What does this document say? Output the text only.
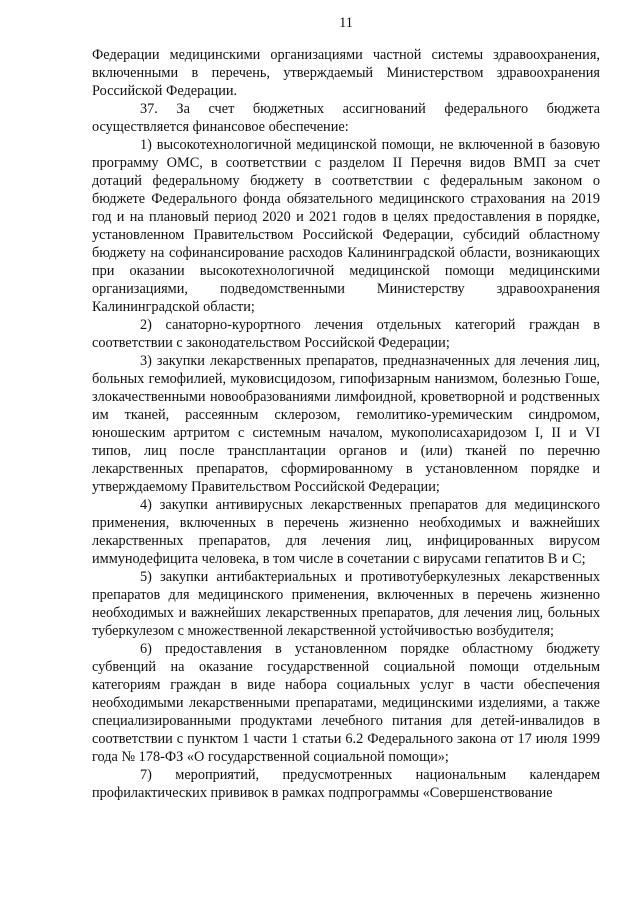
11

Федерации медицинскими организациями частной системы здравоохранения, включенными в перечень, утверждаемый Министерством здравоохранения Российской Федерации.

37. За счет бюджетных ассигнований федерального бюджета осуществляется финансовое обеспечение:

1) высокотехнологичной медицинской помощи, не включенной в базовую программу ОМС, в соответствии с разделом II Перечня видов ВМП за счет дотаций федеральному бюджету в соответствии с федеральным законом о бюджете Федерального фонда обязательного медицинского страхования на 2019 год и на плановый период 2020 и 2021 годов в целях предоставления в порядке, установленном Правительством Российской Федерации, субсидий областному бюджету на софинансирование расходов Калининградской области, возникающих при оказании высокотехнологичной медицинской помощи медицинскими организациями, подведомственными Министерству здравоохранения Калининградской области;

2) санаторно-курортного лечения отдельных категорий граждан в соответствии с законодательством Российской Федерации;

3) закупки лекарственных препаратов, предназначенных для лечения лиц, больных гемофилией, муковисцидозом, гипофизарным нанизмом, болезнью Гоше, злокачественными новообразованиями лимфоидной, кроветворной и родственных им тканей, рассеянным склерозом, гемолитико-уремическим синдромом, юношеским артритом с системным началом, мукополисахаридозом I, II и VI типов, лиц после трансплантации органов и (или) тканей по перечню лекарственных препаратов, сформированному в установленном порядке и утверждаемому Правительством Российской Федерации;

4) закупки антивирусных лекарственных препаратов для медицинского применения, включенных в перечень жизненно необходимых и важнейших лекарственных препаратов, для лечения лиц, инфицированных вирусом иммунодефицита человека, в том числе в сочетании с вирусами гепатитов В и С;

5) закупки антибактериальных и противотуберкулезных лекарственных препаратов для медицинского применения, включенных в перечень жизненно необходимых и важнейших лекарственных препаратов, для лечения лиц, больных туберкулезом с множественной лекарственной устойчивостью возбудителя;

6) предоставления в установленном порядке областному бюджету субвенций на оказание государственной социальной помощи отдельным категориям граждан в виде набора социальных услуг в части обеспечения необходимыми лекарственными препаратами, медицинскими изделиями, а также специализированными продуктами лечебного питания для детей-инвалидов в соответствии с пунктом 1 части 1 статьи 6.2 Федерального закона от 17 июля 1999 года № 178-ФЗ «О государственной социальной помощи»;

7) мероприятий, предусмотренных национальным календарем профилактических прививок в рамках подпрограммы «Совершенствование
